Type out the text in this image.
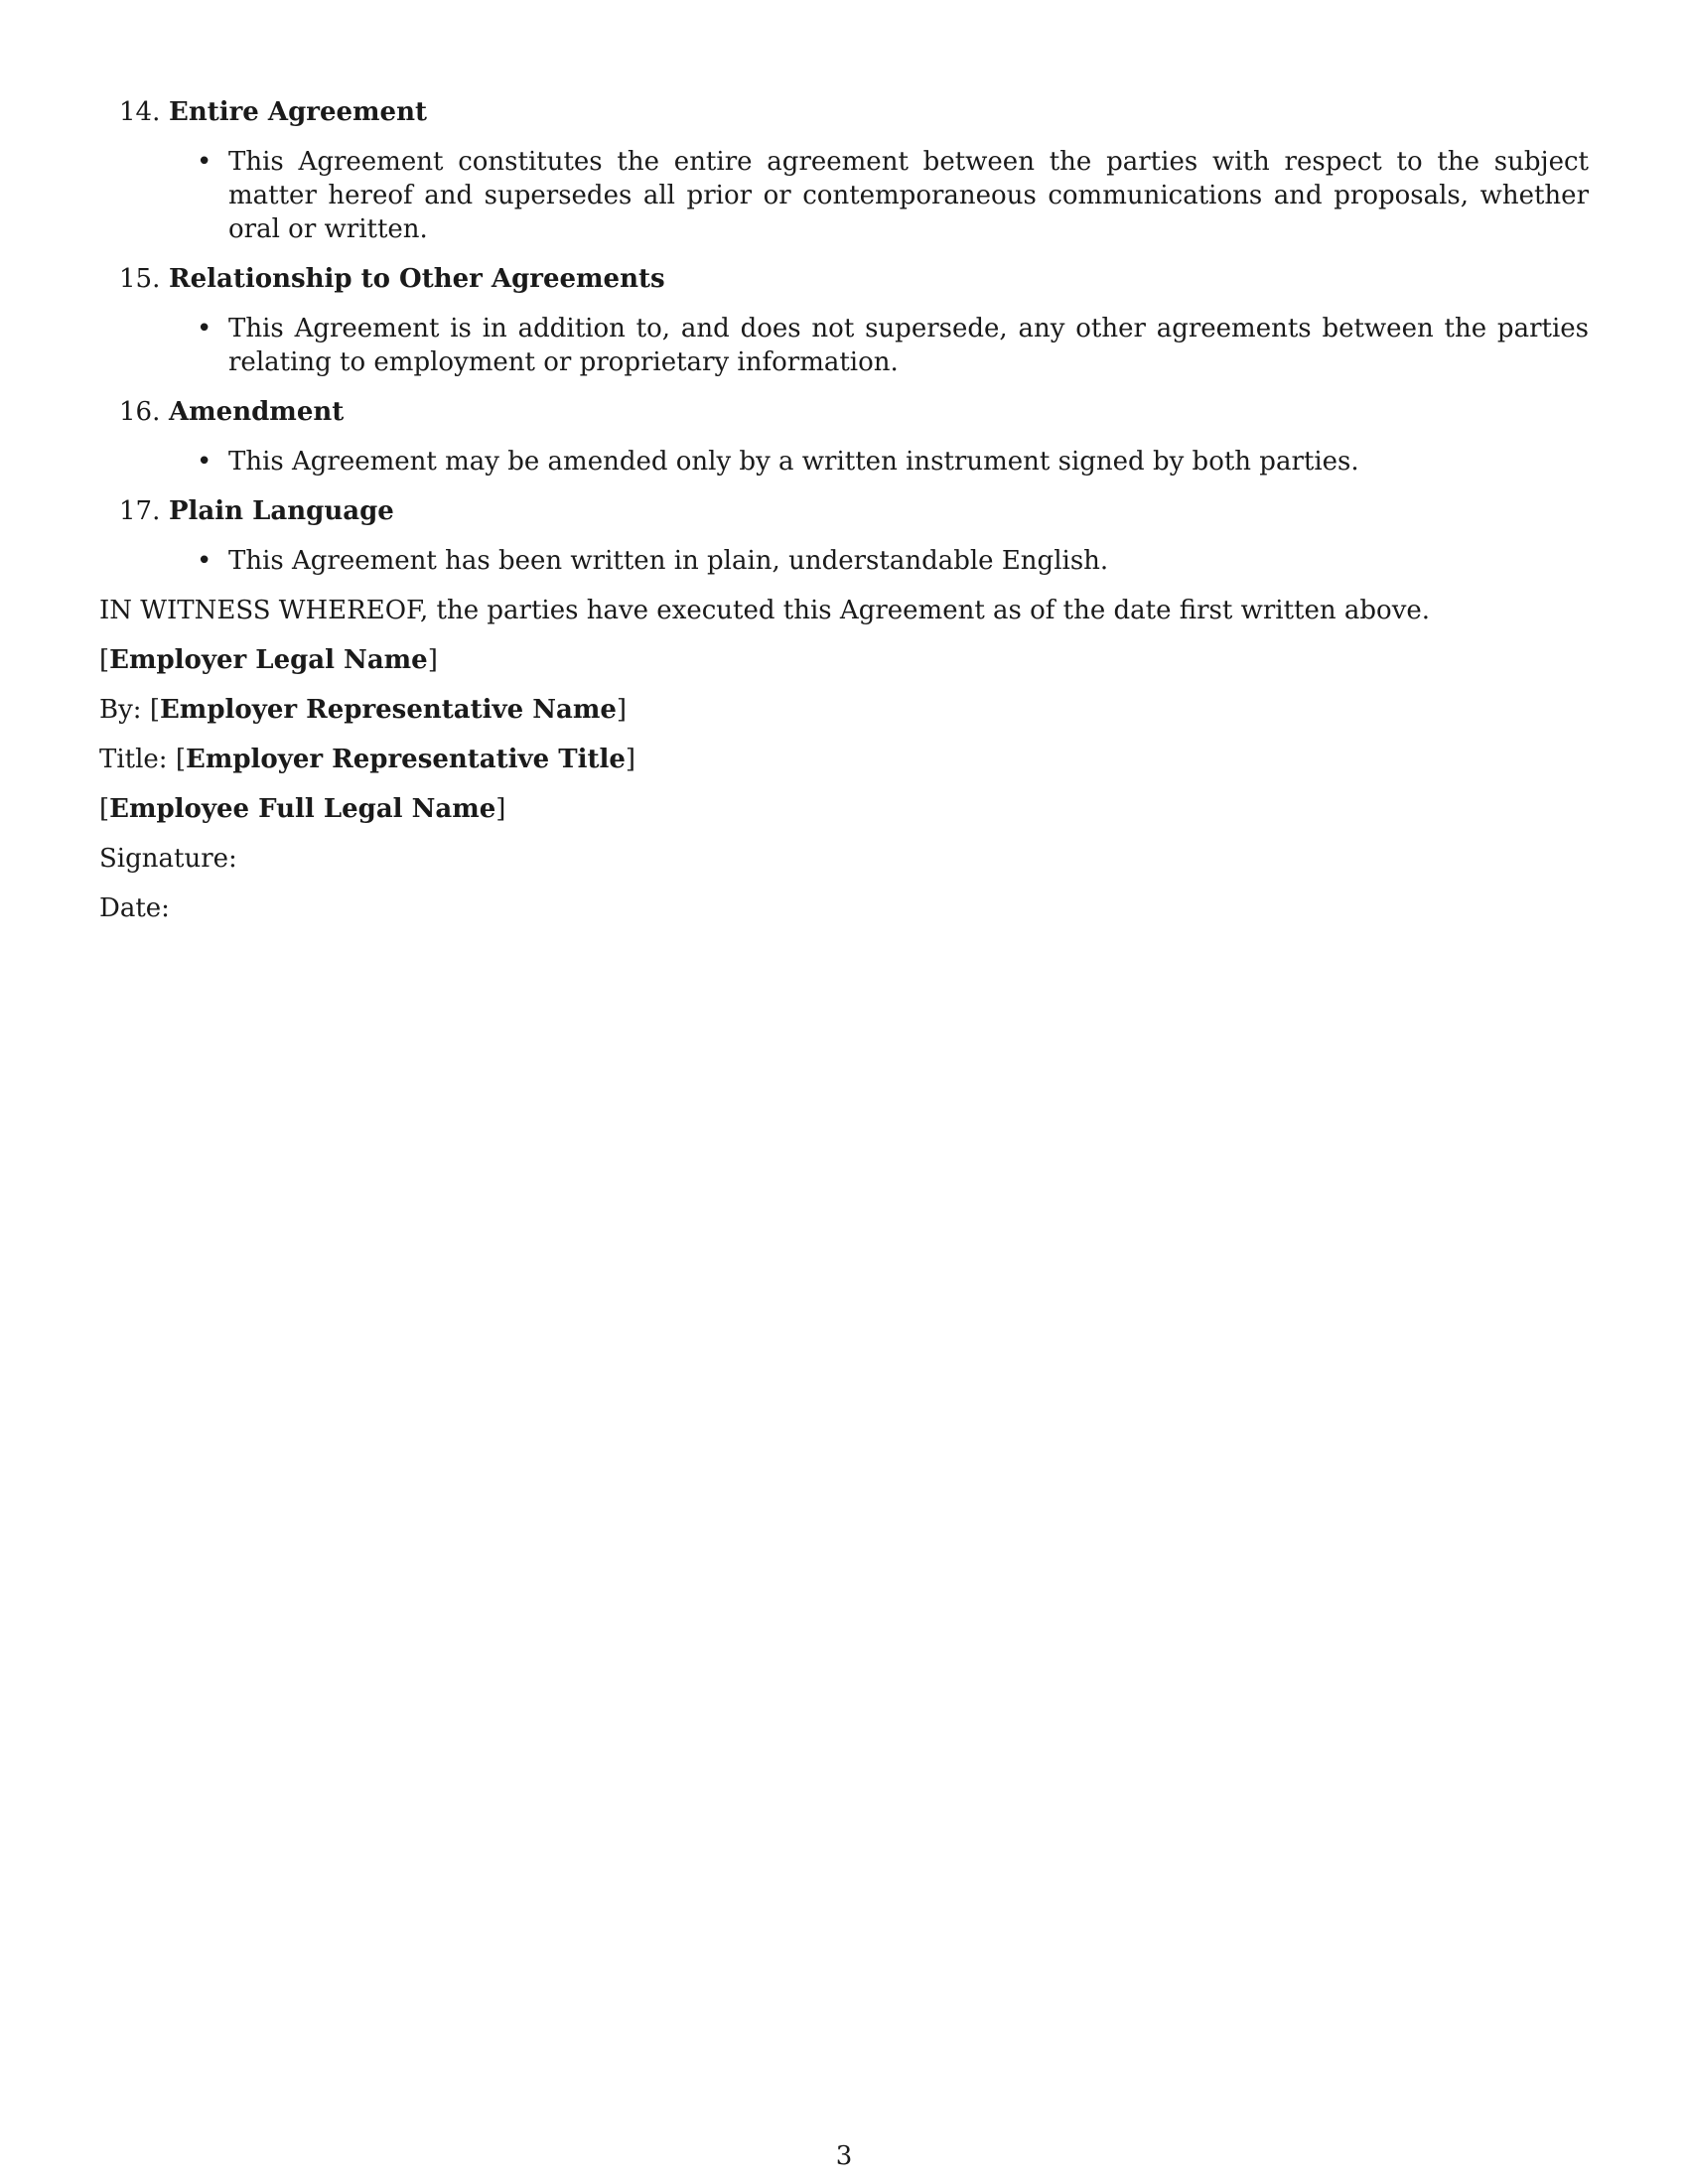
14. Entire Agreement
• This Agreement constitutes the entire agreement between the parties with respect to the subject matter hereof and supersedes all prior or contemporaneous communications and proposals, whether oral or written.
15. Relationship to Other Agreements
• This Agreement is in addition to, and does not supersede, any other agreements between the parties relating to employment or proprietary information.
16. Amendment
• This Agreement may be amended only by a written instrument signed by both parties.
17. Plain Language
• This Agreement has been written in plain, understandable English.

IN WITNESS WHEREOF, the parties have executed this Agreement as of the date first written above.

[Employer Legal Name]

By: [Employer Representative Name]

Title: [Employer Representative Title]

[Employee Full Legal Name]

Signature:

Date:

3
